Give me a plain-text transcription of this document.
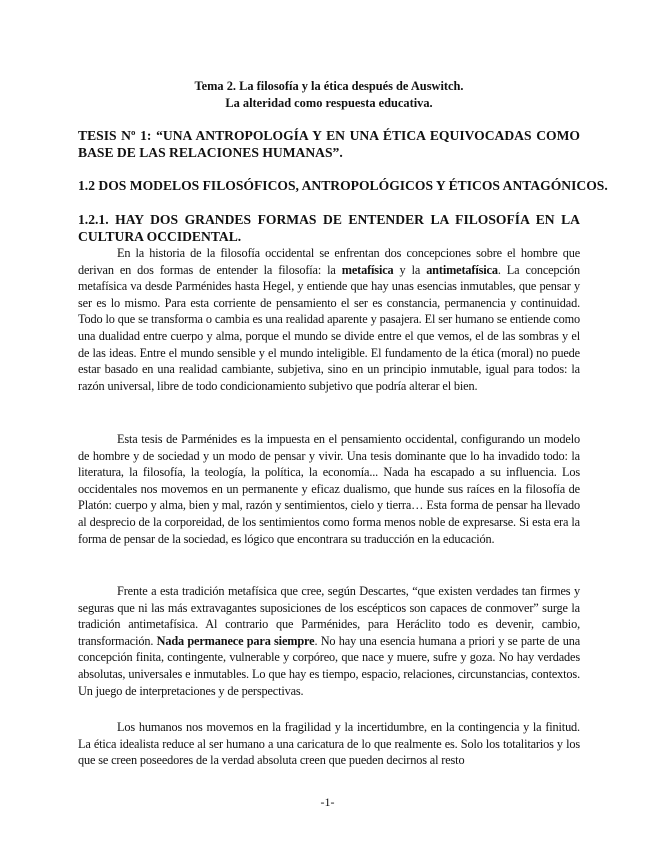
Tema 2. La filosofía y la ética después de Auswitch.
La alteridad como respuesta educativa.
TESIS Nº 1: “UNA ANTROPOLOGÍA Y EN UNA ÉTICA EQUIVOCADAS COMO BASE DE LAS RELACIONES HUMANAS”.
1.2 DOS MODELOS FILOSÓFICOS, ANTROPOLÓGICOS Y ÉTICOS ANTAGÓNICOS.
1.2.1. HAY DOS GRANDES FORMAS DE ENTENDER LA FILOSOFÍA EN LA CULTURA OCCIDENTAL.

En la historia de la filosofía occidental se enfrentan dos concepciones sobre el hombre que derivan en dos formas de entender la filosofía: la metafísica y la antimetafísica. La concepción metafísica va desde Parménides hasta Hegel, y entiende que hay unas esencias inmutables, que pensar y ser es lo mismo. Para esta corriente de pensamiento el ser es constancia, permanencia y continuidad. Todo lo que se transforma o cambia es una realidad aparente y pasajera. El ser humano se entiende como una dualidad entre cuerpo y alma, porque el mundo se divide entre el que vemos, el de las sombras y el de las ideas. Entre el mundo sensible y el mundo inteligible. El fundamento de la ética (moral) no puede estar basado en una realidad cambiante, subjetiva, sino en un principio inmutable, igual para todos: la razón universal, libre de todo condicionamiento subjetivo que podría alterar el bien.

Esta tesis de Parménides es la impuesta en el pensamiento occidental, configurando un modelo de hombre y de sociedad y un modo de pensar y vivir. Una tesis dominante que lo ha invadido todo: la literatura, la filosofía, la teología, la política, la economía... Nada ha escapado a su influencia. Los occidentales nos movemos en un permanente y eficaz dualismo, que hunde sus raíces en la filosofía de Platón: cuerpo y alma, bien y mal, razón y sentimientos, cielo y tierra… Esta forma de pensar ha llevado al desprecio de la corporeidad, de los sentimientos como forma menos noble de expresarse. Si esta era la forma de pensar de la sociedad, es lógico que encontrara su traducción en la educación.

Frente a esta tradición metafísica que cree, según Descartes, “que existen verdades tan firmes y seguras que ni las más extravagantes suposiciones de los escépticos son capaces de conmover” surge la tradición antimetafísica. Al contrario que Parménides, para Heráclito todo es devenir, cambio, transformación. Nada permanece para siempre. No hay una esencia humana a priori y se parte de una concepción finita, contingente, vulnerable y corpóreo, que nace y muere, sufre y goza. No hay verdades absolutas, universales e inmutables. Lo que hay es tiempo, espacio, relaciones, circunstancias, contextos. Un juego de interpretaciones y de perspectivas.

Los humanos nos movemos en la fragilidad y la incertidumbre, en la contingencia y la finitud. La ética idealista reduce al ser humano a una caricatura de lo que realmente es. Solo los totalitarios y los que se creen poseedores de la verdad absoluta creen que pueden decirnos al resto

-1-
